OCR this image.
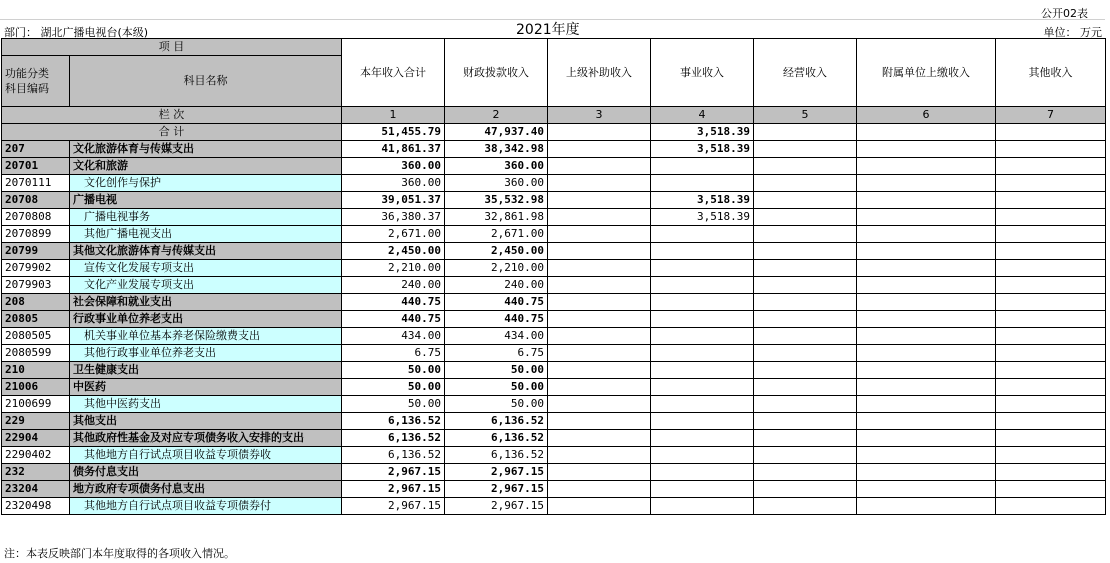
公开02表
部门： 湖北广播电视台(本级)	2021年度	单位： 万元
项 目		本年收入合计	财政拨款收入	上级补助收入	事业收入	经营收入	附属单位上缴收入	其他收入
功能分类
科目编码	科目名称							

栏 次		1	2	3	4	5	6	7
合 计		51,455.79	47,937.40		3,518.39			
207	文化旅游体育与传媒支出	41,861.37	38,342.98		3,518.39			
20701	文化和旅游	360.00	360.00					
2070111	文化创作与保护	360.00	360.00					
20708	广播电视	39,051.37	35,532.98		3,518.39			
2070808	广播电视事务	36,380.37	32,861.98		3,518.39			
2070899	其他广播电视支出	2,671.00	2,671.00					
20799	其他文化旅游体育与传媒支出	2,450.00	2,450.00					
2079902	宣传文化发展专项支出	2,210.00	2,210.00					
2079903	文化产业发展专项支出	240.00	240.00					
208	社会保障和就业支出	440.75	440.75					
20805	行政事业单位养老支出	440.75	440.75					
2080505	机关事业单位基本养老保险缴费支出	434.00	434.00					
2080599	其他行政事业单位养老支出	6.75	6.75					
210	卫生健康支出	50.00	50.00					
21006	中医药	50.00	50.00					
2100699	其他中医药支出	50.00	50.00					
229	其他支出	6,136.52	6,136.52					
22904	其他政府性基金及对应专项债务收入安排的支出	6,136.52	6,136.52					
2290402	其他地方自行试点项目收益专项债券收	6,136.52	6,136.52					
232	债务付息支出	2,967.15	2,967.15					
23204	地方政府专项债务付息支出	2,967.15	2,967.15					
2320498	其他地方自行试点项目收益专项债券付	2,967.15	2,967.15					
注：本表反映部门本年度取得的各项收入情况。
